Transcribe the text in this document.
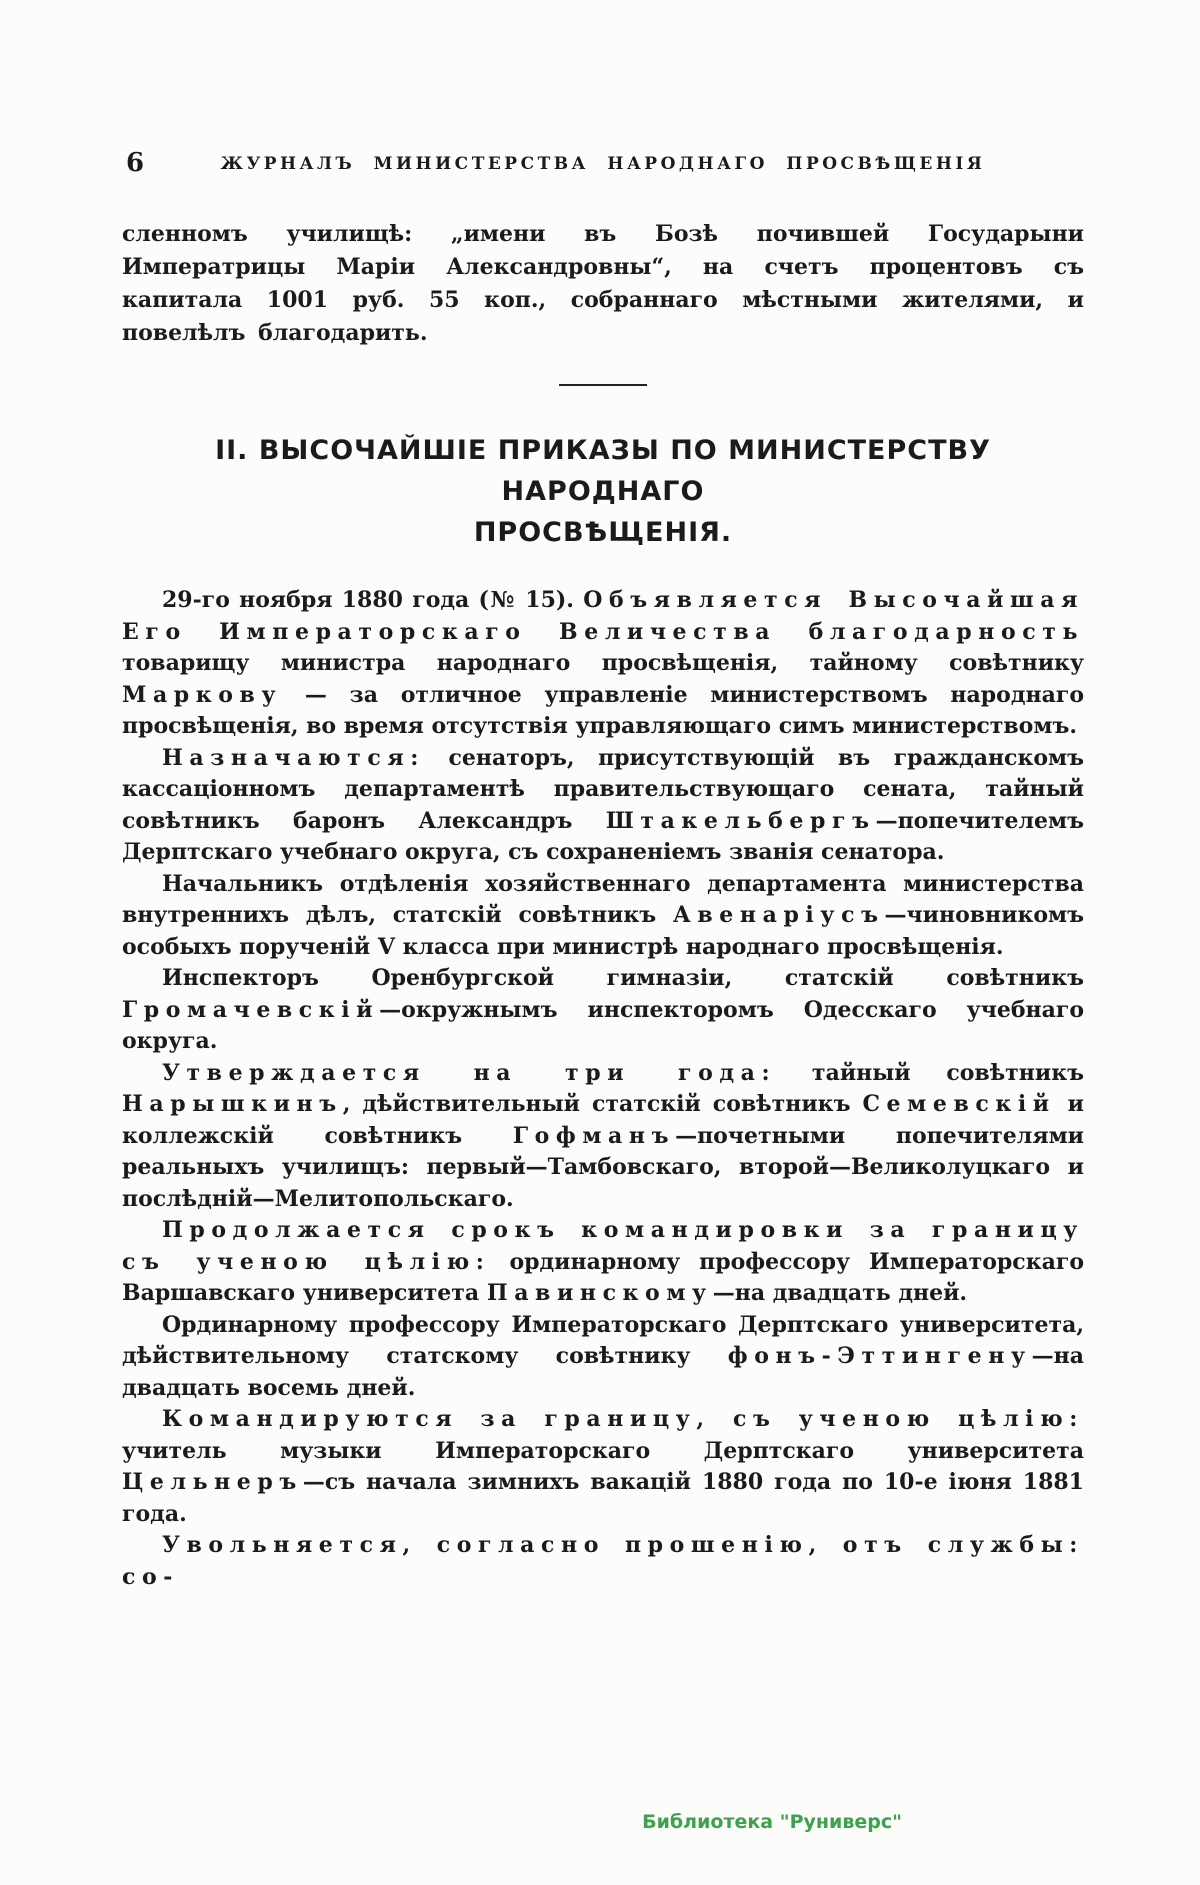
6	ЖУРНАЛЪ МИНИСТЕРСТВА НАРОДНАГО ПРОСВѢЩЕНІЯ

сленномъ училищѣ: „имени въ Бозѣ почившей Государыни Императрицы Маріи Александровны“, на счетъ процентовъ съ капитала 1001 руб. 55 коп., собраннаго мѣстными жителями, и повелѣлъ благодарить.

II. ВЫСОЧАЙШІЕ ПРИКАЗЫ ПО МИНИСТЕРСТВУ НАРОДНАГО
ПРОСВѢЩЕНІЯ.

29-го ноября 1880 года (№ 15). Объявляется Высочайшая Его Императорскаго Величества благодарность товарищу министра народнаго просвѣщенія, тайному совѣтнику Маркову — за отличное управленіе министерствомъ народнаго просвѣщенія, во время отсутствія управляющаго симъ министерствомъ.

Назначаются: сенаторъ, присутствующій въ гражданскомъ кассаціонномъ департаментѣ правительствующаго сената, тайный совѣтникъ баронъ Александръ Штакельбергъ—попечителемъ Дерптскаго учебнаго округа, съ сохраненіемъ званія сенатора.

Начальникъ отдѣленія хозяйственнаго департамента министерства внутреннихъ дѣлъ, статскій совѣтникъ Авенаріусъ—чиновникомъ особыхъ порученій V класса при министрѣ народнаго просвѣщенія.

Инспекторъ Оренбургской гимназіи, статскій совѣтникъ Громачевскій—окружнымъ инспекторомъ Одесскаго учебнаго округа.

Утверждается на три года: тайный совѣтникъ Нарышкинъ, дѣйствительный статскій совѣтникъ Семевскій и коллежскій совѣтникъ Гофманъ—почетными попечителями реальныхъ училищъ: первый—Тамбовскаго, второй—Великолуцкаго и послѣдній—Мелитопольскаго.

Продолжается срокъ командировки за границу съ ученою цѣлію: ординарному профессору Императорскаго Варшавскаго университета Павинскому—на двадцать дней.

Ординарному профессору Императорскаго Дерптскаго университета, дѣйствительному статскому совѣтнику фонъ-Эттингену—на двадцать восемь дней.

Командируются за границу, съ ученою цѣлію: учитель музыки Императорскаго Дерптскаго университета Цельнеръ—съ начала зимнихъ вакацій 1880 года по 10-е іюня 1881 года.

Увольняется, согласно прошенію, отъ службы: со-

Библиотека "Руниверс"
